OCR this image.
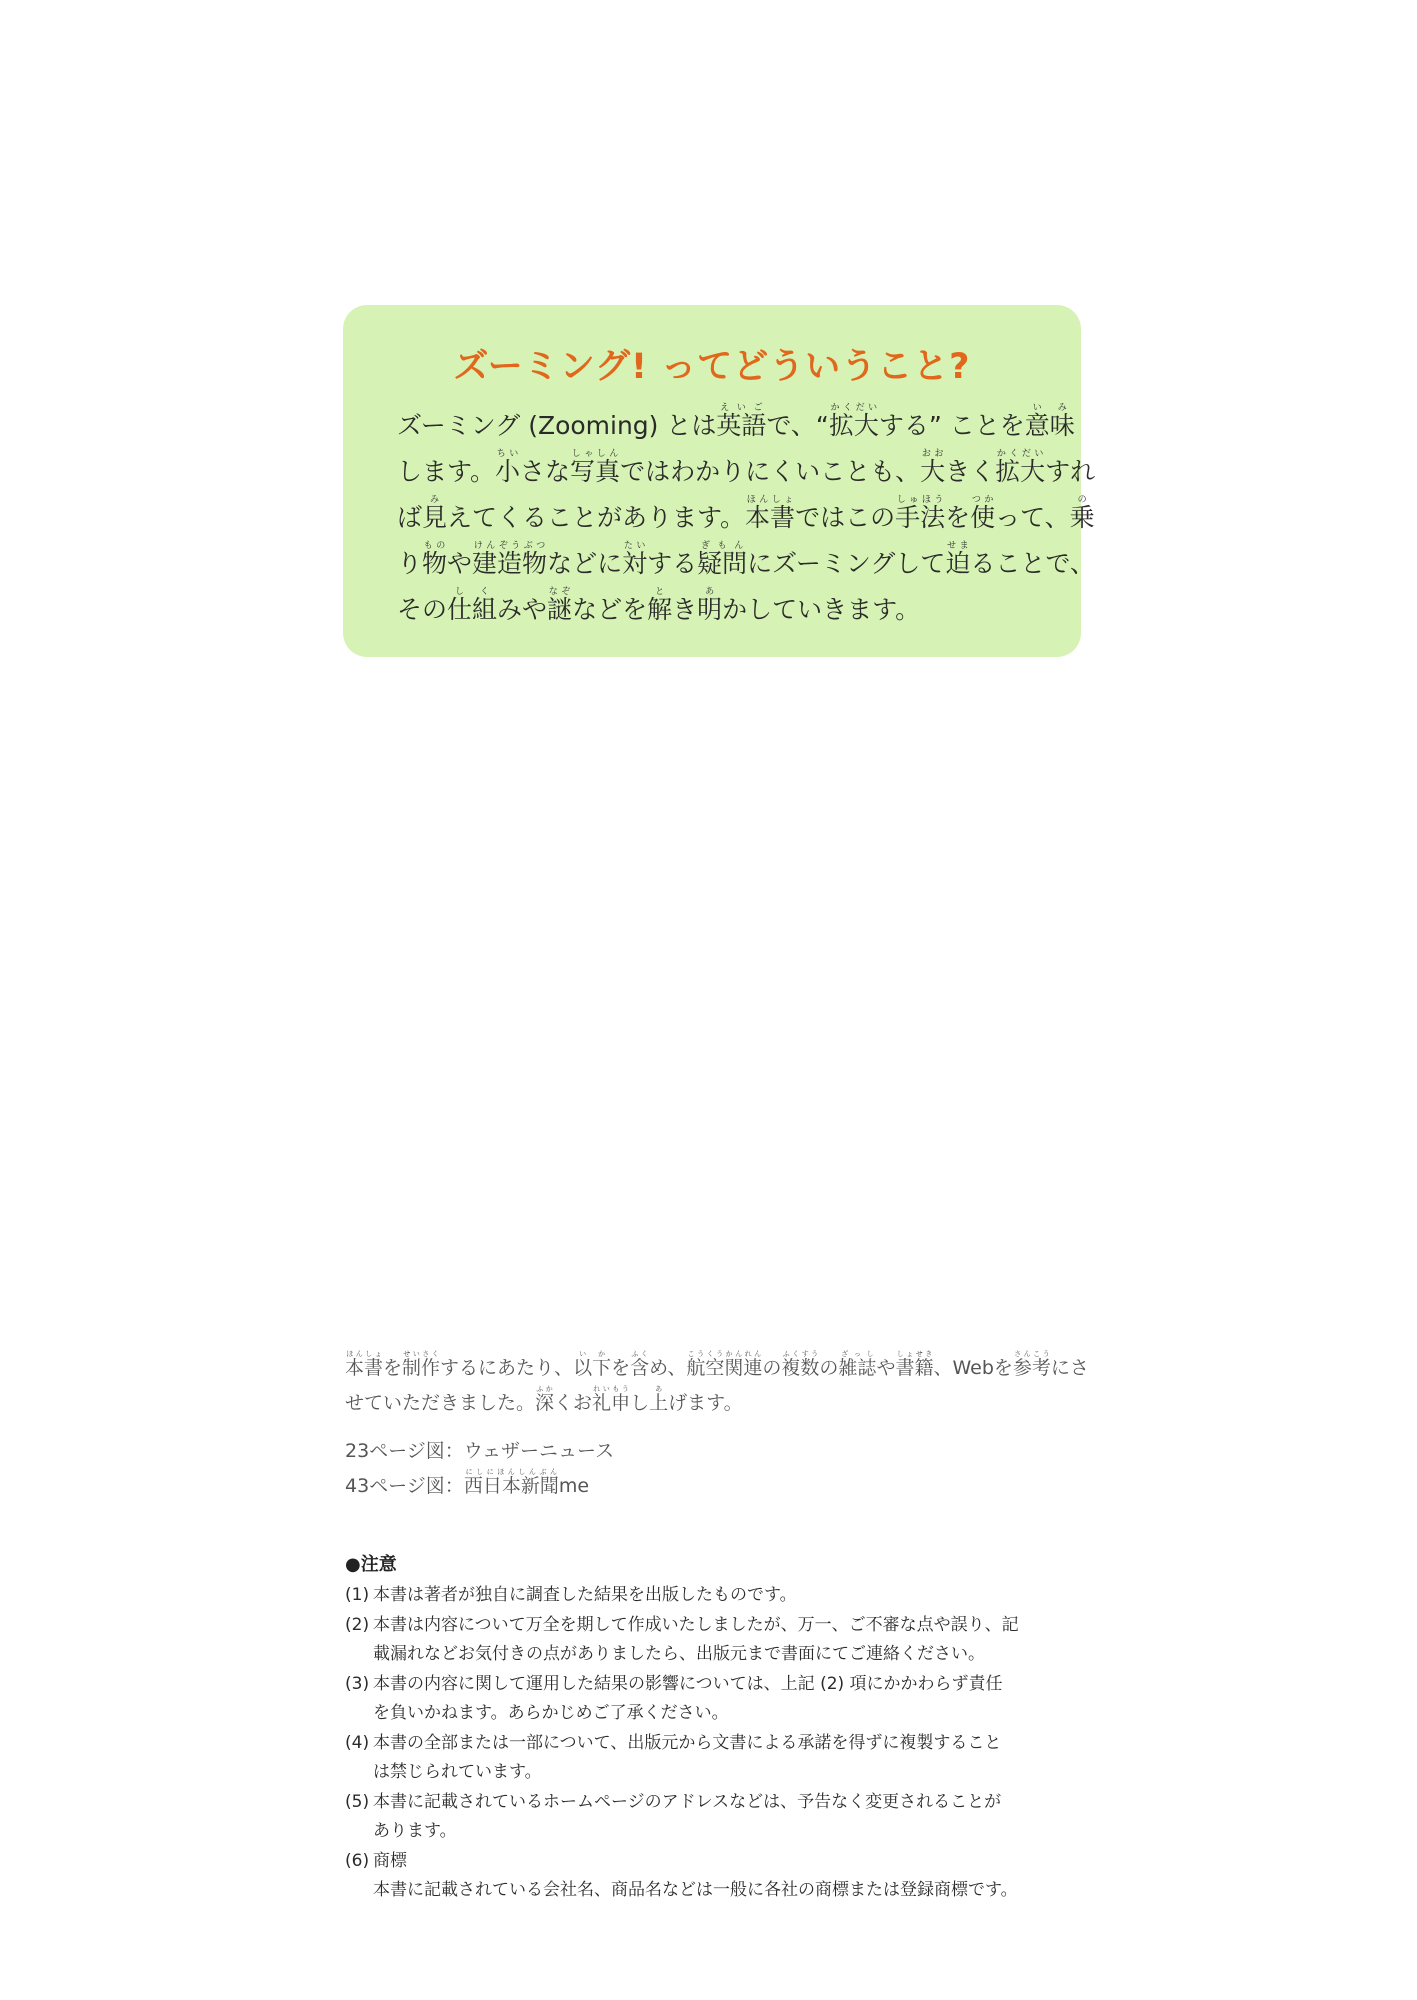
ズーミング! ってどういうこと?
ズーミング (Zooming) とは英語えいごで、“拡大かくだいする” ことを意味いみ
します。小ちいさな写真しゃしんではわかりにくいことも、大おおきく拡大かくだいすれ
ば見みえてくることがあります。本書ほんしょではこの手法しゅほうを使つかって、乗の
り物ものや建造物けんぞうぶつなどに対たいする疑問ぎもんにズーミングして迫せまることで、
その仕組しくみや謎なぞなどを解とき明あかしていきます。
本書ほんしょを制作せいさくするにあたり、以下いかを含ふくめ、航空関連こうくうかんれんの複数ふくすうの雑誌ざっしや書籍しょせき、Webを参考さんこうにさ
せていただきました。深ふかくお礼れい申もうし上あげます。
23ページ図：ウェザーニュース
43ページ図：西日本新聞にしにほんしんぶんme
●注意
(1) 本書は著者が独自に調査した結果を出版したものです。
(2) 本書は内容について万全を期して作成いたしましたが、万一、ご不審な点や誤り、記
載漏れなどお気付きの点がありましたら、出版元まで書面にてご連絡ください。
(3) 本書の内容に関して運用した結果の影響については、上記 (2) 項にかかわらず責任
を負いかねます。あらかじめご了承ください。
(4) 本書の全部または一部について、出版元から文書による承諾を得ずに複製すること
は禁じられています。
(5) 本書に記載されているホームページのアドレスなどは、予告なく変更されることが
あります。
(6) 商標
本書に記載されている会社名、商品名などは一般に各社の商標または登録商標です。
